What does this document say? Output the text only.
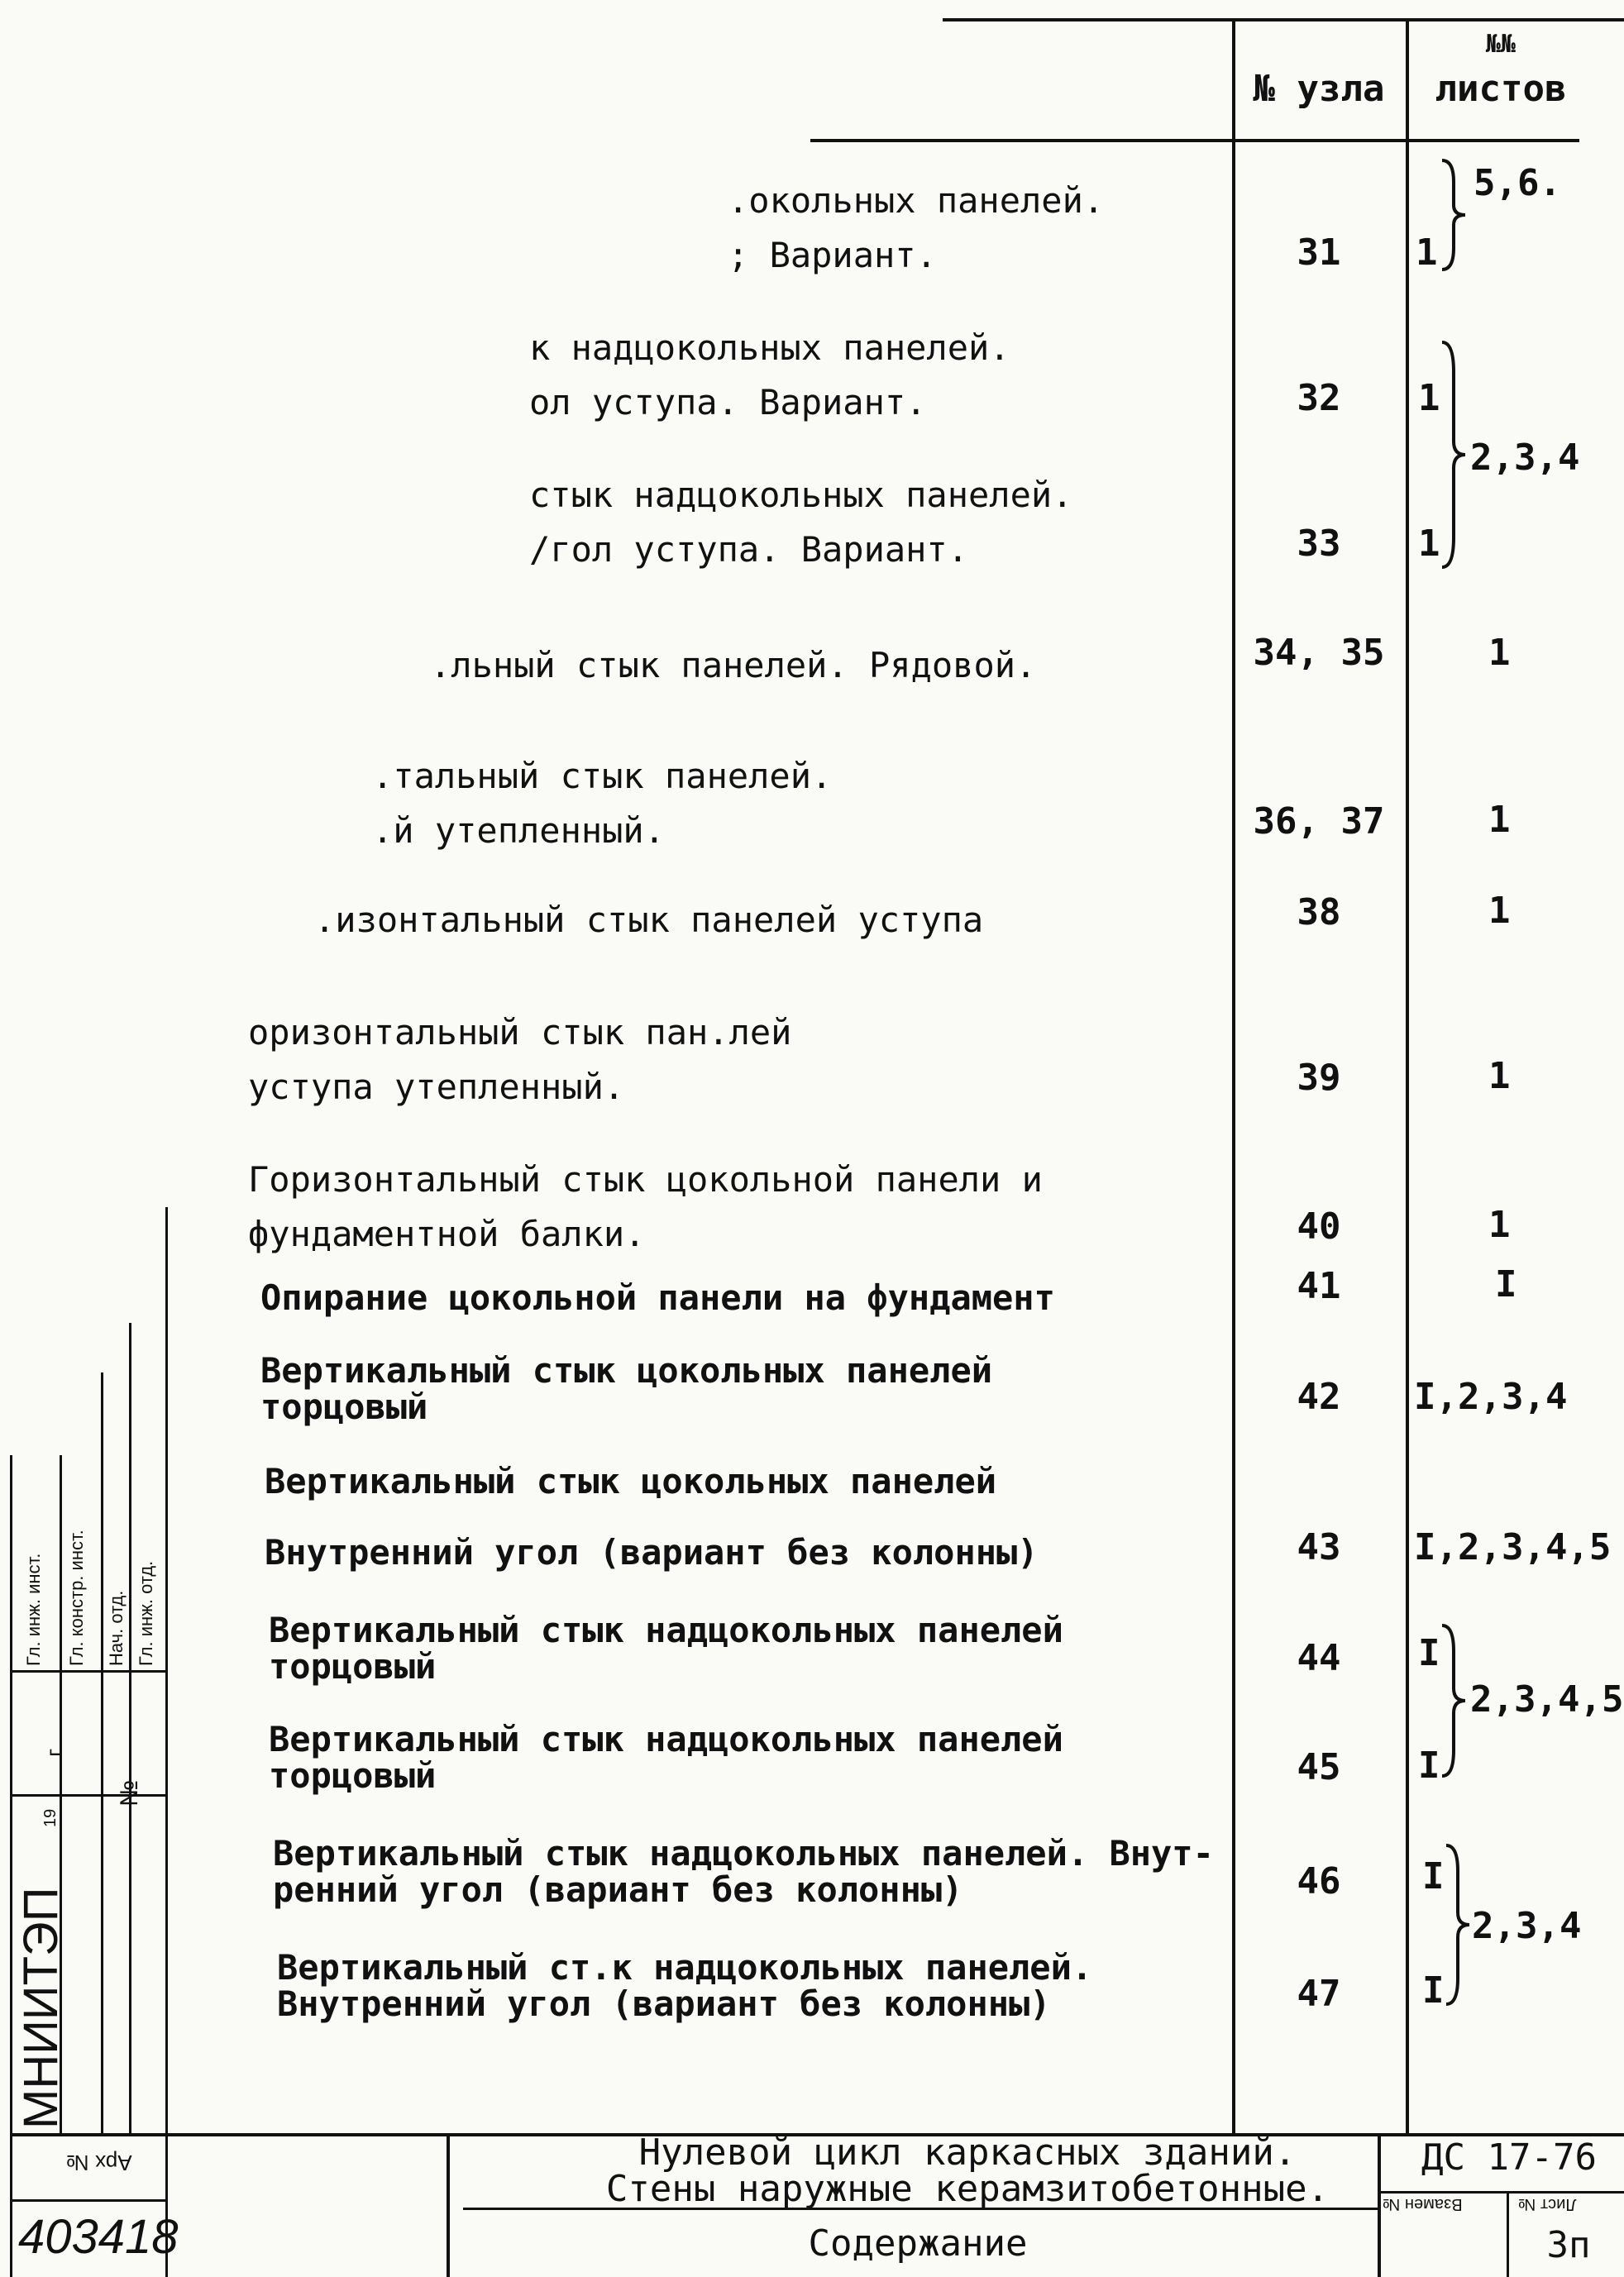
№ узла
№№
листов
.окольных панелей.
; Вариант.
к надцокольных панелей.
ол уступа. Вариант.
стык надцокольных панелей.
/гол уступа. Вариант.
.льный стык панелей. Рядовой.
.тальный стык панелей.
.й утепленный.
.изонтальный стык панелей уступа
оризонтальный стык пан.лей
уступа утепленный.
Горизонтальный стык цокольной панели и
фундаментной балки.
Опирание цокольной панели на фундамент
Вертикальный стык цокольных панелей
торцовый
Вертикальный стык цокольных панелей
Внутренний угол (вариант без колонны)
Вертикальный стык надцокольных панелей
торцовый
Вертикальный стык надцокольных панелей
торцовый
Вертикальный стык надцокольных панелей. Внут-
ренний угол (вариант без колонны)
Вертикальный ст.к надцокольных панелей.
Внутренний угол (вариант без колонны)
31
32
33
34, 35
36, 37
38
39
40
41
42
43
44
45
46
47
1
1
1
I
I
I
I
5,6.
2,3,4
1
1
1
1
1
I
I,2,3,4
I,2,3,4,5
2,3,4,5
2,3,4
Гл. инж. инст. Гл. констр. инст. Нач. отд. Гл. инж. отд.
19
г.
№
МНИИТЭП
Арх №
403418
Нулевой цикл каркасных зданий.
Стены наружные керамзитобетонные.
Содержание
ДС 17-76
Взамен №	Лист №
3п
